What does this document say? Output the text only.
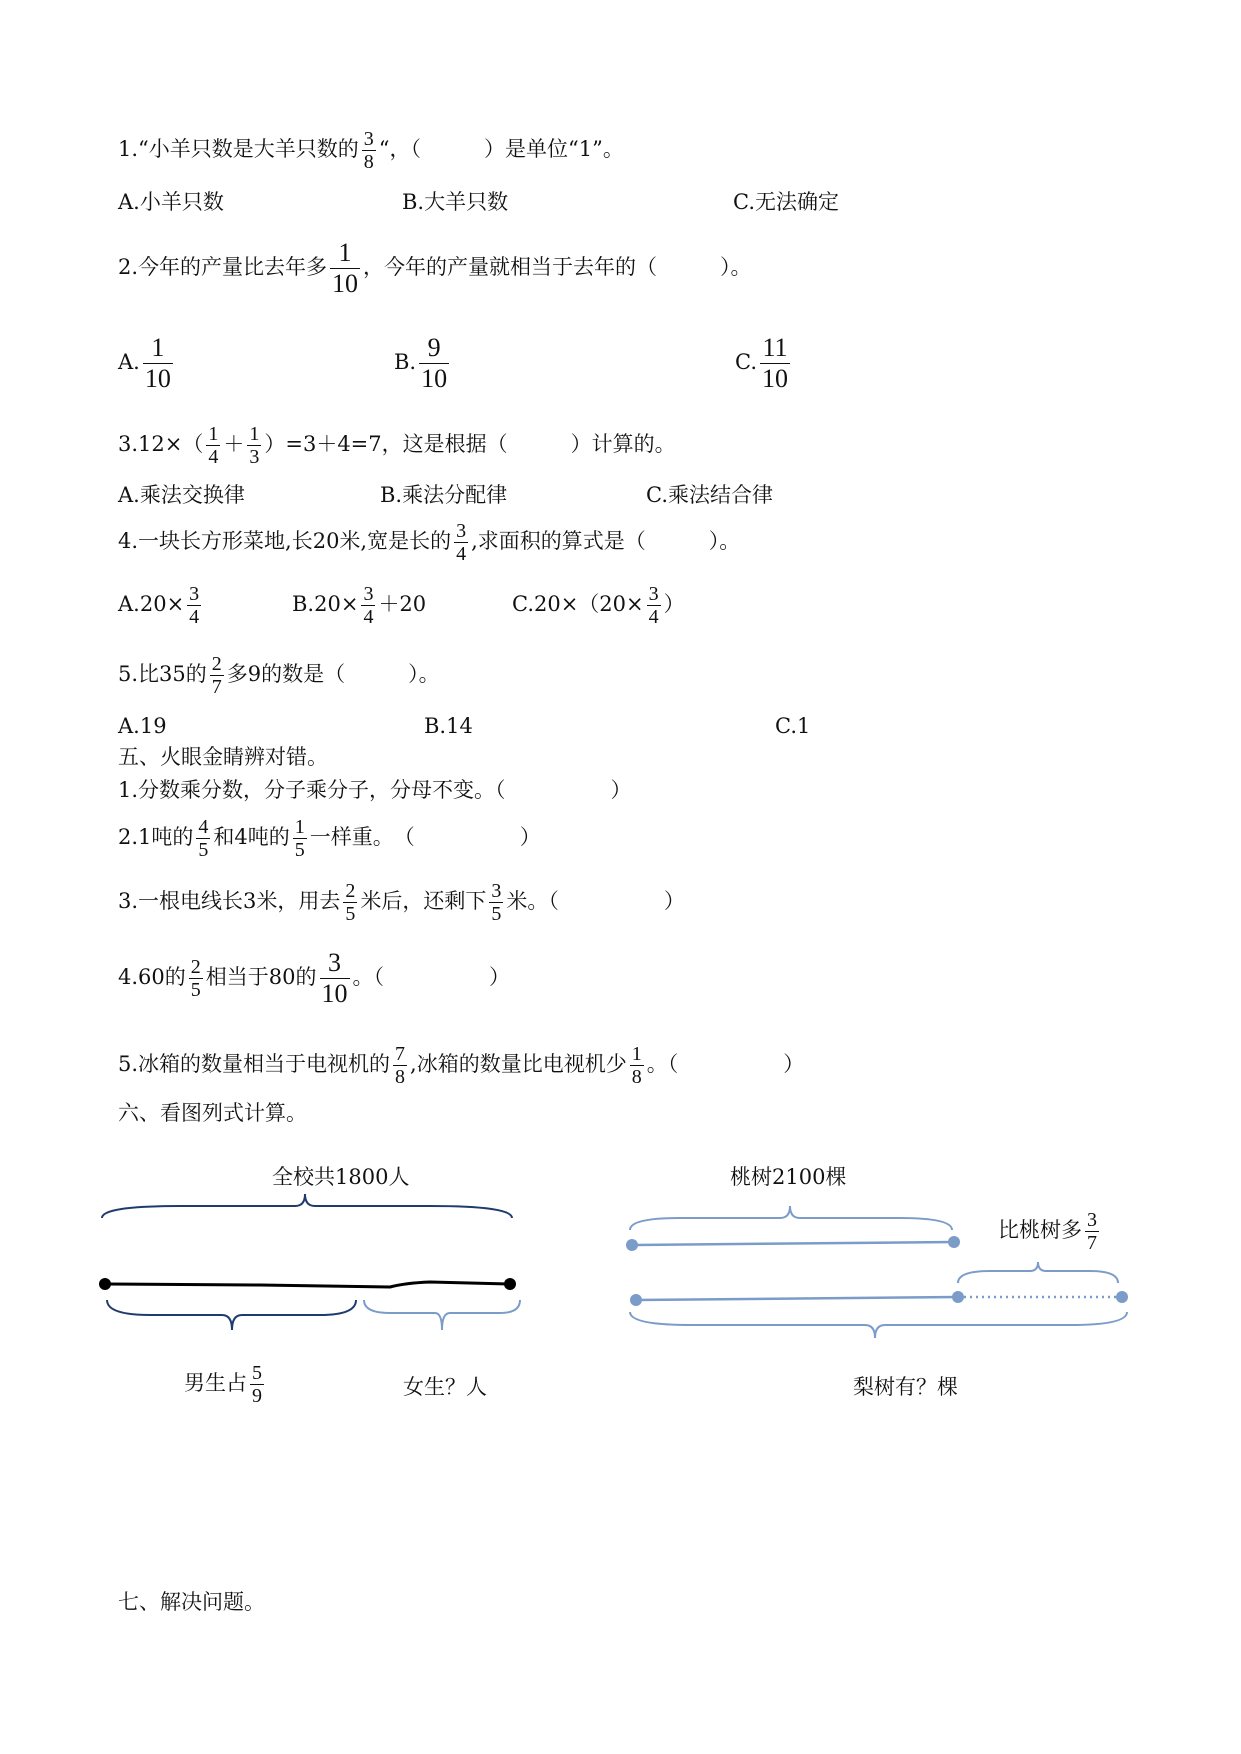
1.“小羊只数是大羊只数的 $\frac{3}{8}$ “，（　　　）是单位“1”。
A.小羊只数	B.大羊只数	C.无法确定
2.今年的产量比去年多 $\frac{1}{10}$ ，今年的产量就相当于去年的（　　　）。
A. $\frac{1}{10}$	B. $\frac{9}{10}$	C. $\frac{11}{10}$
$3.12\times( \frac{1}{4} + \frac{1}{3} )=3+4=7$，这是根据（　　　）计算的。
A.乘法交换律	B.乘法分配律	C.乘法结合律
4.一块长方形菜地,长20米,宽是长的 $\frac{3}{4}$ ,求面积的算式是（　　　）。
$A.20\times \frac{3}{4}$	$B.20\times \frac{3}{4} +20$	$C.20\times(20\times \frac{3}{4}$ ）
5.比35的 $\frac{2}{7}$ 多9的数是（　　　）。
A.19	B.14	C.1
五、火眼金睛辨对错。
1.分数乘分数，分子乘分子，分母不变。（　　　　　）
2.1吨的 $\frac{4}{5}$ 和4吨的 $\frac{1}{5}$ 一样重。　（　　　　　）
3.一根电线长3米，用去 $\frac{2}{5}$ 米后，还剩下 $\frac{3}{5}$ 米。（　　　　　）
4.60的 $\frac{2}{5}$ 相当于80的 $\frac{3}{10}$ 。（　　　　　）
5.冰箱的数量相当于电视机的 $\frac{7}{8}$ ,冰箱的数量比电视机少 $\frac{1}{8}$ 。（　　　　　）
六、看图列式计算。
全校共1800人
男生占 $\frac{5}{9}$	女生？人
桃树2100棵
比桃树多 $\frac{3}{7}$
梨树有？棵
七、解决问题。
